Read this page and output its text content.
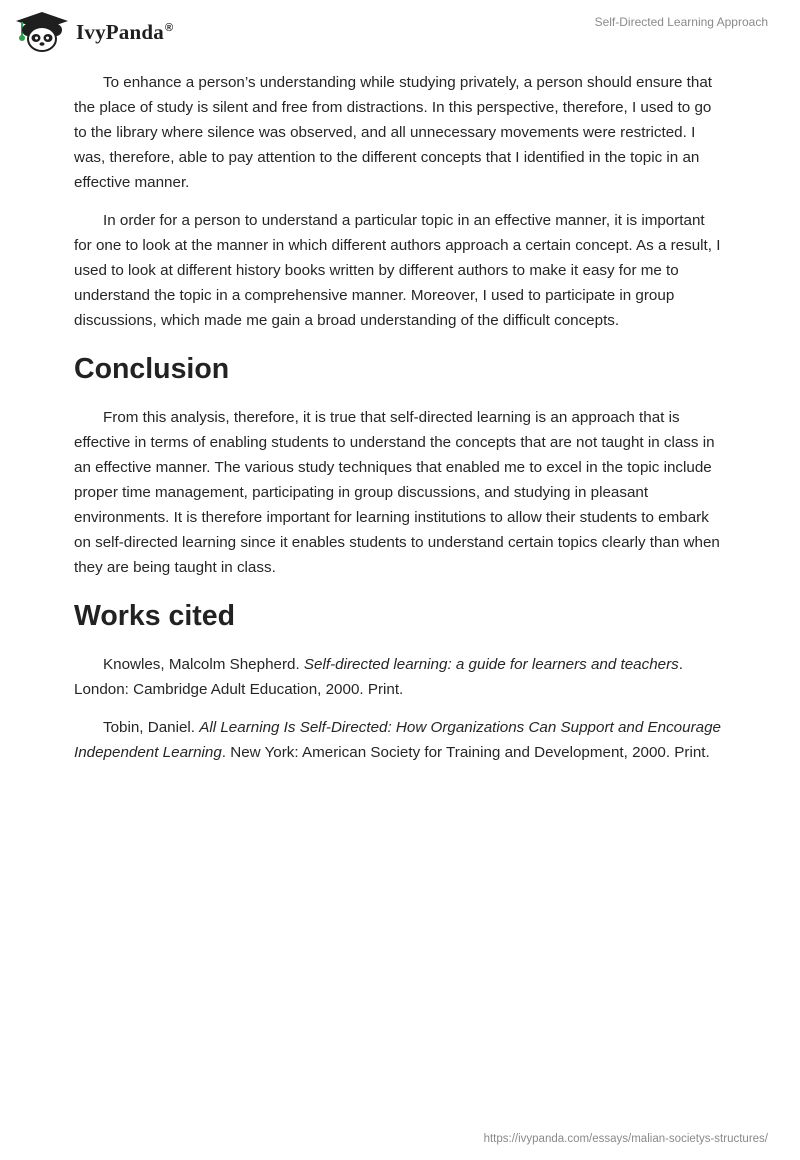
IvyPanda®	Self-Directed Learning Approach

To enhance a person’s understanding while studying privately, a person should ensure that the place of study is silent and free from distractions. In this perspective, therefore, I used to go to the library where silence was observed, and all unnecessary movements were restricted. I was, therefore, able to pay attention to the different concepts that I identified in the topic in an effective manner.

In order for a person to understand a particular topic in an effective manner, it is important for one to look at the manner in which different authors approach a certain concept. As a result, I used to look at different history books written by different authors to make it easy for me to understand the topic in a comprehensive manner. Moreover, I used to participate in group discussions, which made me gain a broad understanding of the difficult concepts.

Conclusion

From this analysis, therefore, it is true that self-directed learning is an approach that is effective in terms of enabling students to understand the concepts that are not taught in class in an effective manner. The various study techniques that enabled me to excel in the topic include proper time management, participating in group discussions, and studying in pleasant environments. It is therefore important for learning institutions to allow their students to embark on self-directed learning since it enables students to understand certain topics clearly than when they are being taught in class.

Works cited

Knowles, Malcolm Shepherd. Self-directed learning: a guide for learners and teachers. London: Cambridge Adult Education, 2000. Print.

Tobin, Daniel. All Learning Is Self-Directed: How Organizations Can Support and Encourage Independent Learning. New York: American Society for Training and Development, 2000. Print.

https://ivypanda.com/essays/malian-societys-structures/
